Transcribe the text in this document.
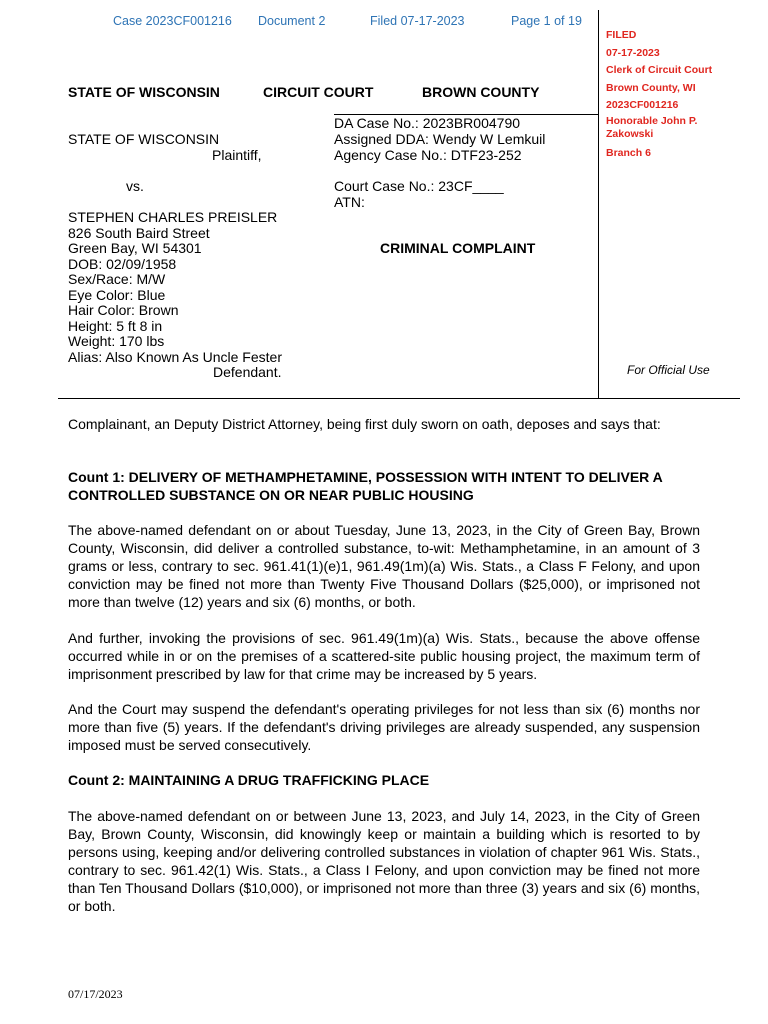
Case 2023CF001216 Document 2	Filed 07-17-2023	Page 1 of 19
FILED
07-17-2023
Clerk of Circuit Court
Brown County, WI
2023CF001216
Honorable John P.
Zakowski
Branch 6
STATE OF WISCONSIN	CIRCUIT COURT	BROWN COUNTY
DA Case No.: 2023BR004790
Assigned DDA: Wendy W Lemkuil
Agency Case No.: DTF23-252
Court Case No.: 23CF____
ATN:
CRIMINAL COMPLAINT
STATE OF WISCONSIN
Plaintiff,
vs.
STEPHEN CHARLES PREISLER
826 South Baird Street
Green Bay, WI 54301
DOB: 02/09/1958
Sex/Race: M/W
Eye Color: Blue
Hair Color: Brown
Height: 5 ft 8 in
Weight: 170 lbs
Alias: Also Known As Uncle Fester
Defendant.	For Official Use
Complainant, an Deputy District Attorney, being first duly sworn on oath, deposes and says that:
Count 1: DELIVERY OF METHAMPHETAMINE, POSSESSION WITH INTENT TO DELIVER A CONTROLLED SUBSTANCE ON OR NEAR PUBLIC HOUSING
The above-named defendant on or about Tuesday, June 13, 2023, in the City of Green Bay, Brown County, Wisconsin, did deliver a controlled substance, to-wit: Methamphetamine, in an amount of 3 grams or less, contrary to sec. 961.41(1)(e)1, 961.49(1m)(a) Wis. Stats., a Class F Felony, and upon conviction may be fined not more than Twenty Five Thousand Dollars ($25,000), or imprisoned not more than twelve (12) years and six (6) months, or both.
And further, invoking the provisions of sec. 961.49(1m)(a) Wis. Stats., because the above offense occurred while in or on the premises of a scattered-site public housing project, the maximum term of imprisonment prescribed by law for that crime may be increased by 5 years.
And the Court may suspend the defendant's operating privileges for not less than six (6) months nor more than five (5) years. If the defendant's driving privileges are already suspended, any suspension imposed must be served consecutively.
Count 2: MAINTAINING A DRUG TRAFFICKING PLACE
The above-named defendant on or between June 13, 2023, and July 14, 2023, in the City of Green Bay, Brown County, Wisconsin, did knowingly keep or maintain a building which is resorted to by persons using, keeping and/or delivering controlled substances in violation of chapter 961 Wis. Stats., contrary to sec. 961.42(1) Wis. Stats., a Class I Felony, and upon conviction may be fined not more than Ten Thousand Dollars ($10,000), or imprisoned not more than three (3) years and six (6) months, or both.
07/17/2023
